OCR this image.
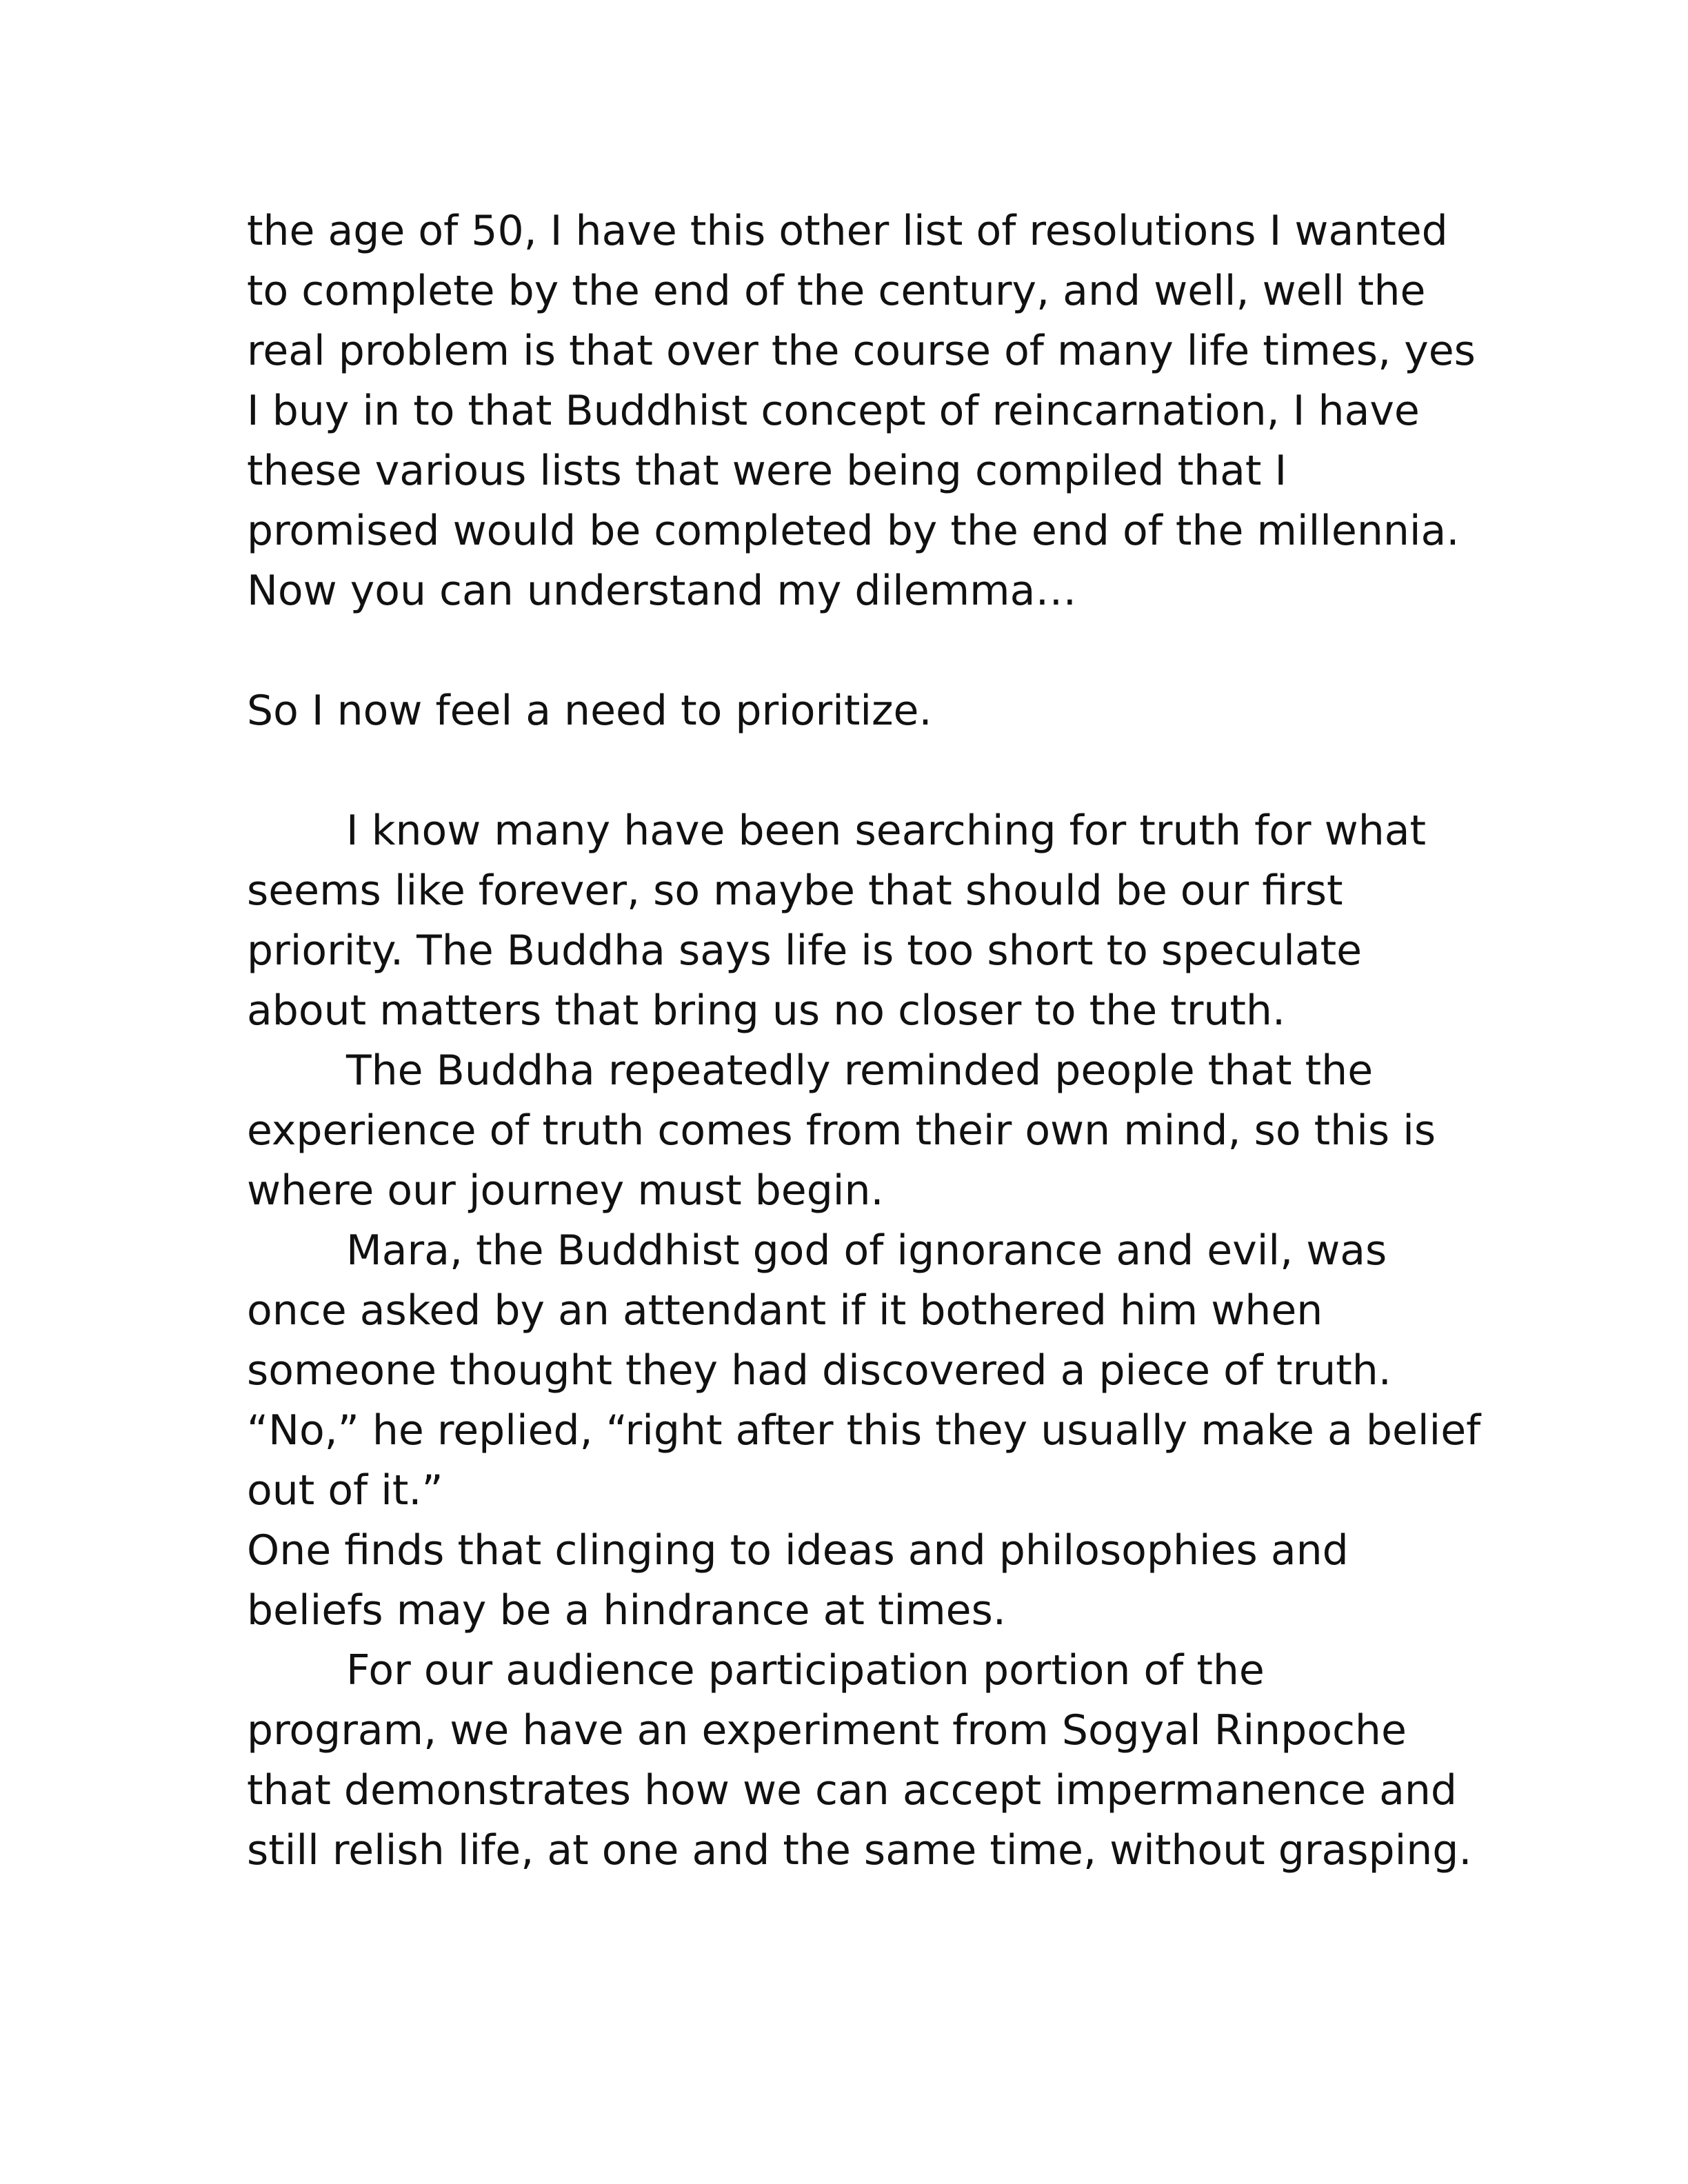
the age of 50, I have this other list of resolutions I wanted
to complete by the end of the century, and well, well the
real problem is that over the course of many life times, yes
I buy in to that Buddhist concept of reincarnation, I have
these various lists that were being compiled that I
promised would be completed by the end of the millennia.
Now you can understand my dilemma…
So I now feel a need to prioritize.
I know many have been searching for truth for what
seems like forever, so maybe that should be our first
priority. The Buddha says life is too short to speculate
about matters that bring us no closer to the truth.
The Buddha repeatedly reminded people that the
experience of truth comes from their own mind, so this is
where our journey must begin.
Mara, the Buddhist god of ignorance and evil, was
once asked by an attendant if it bothered him when
someone thought they had discovered a piece of truth.
“No,” he replied, “right after this they usually make a belief
out of it.”
One finds that clinging to ideas and philosophies and
beliefs may be a hindrance at times.
For our audience participation portion of the
program, we have an experiment from Sogyal Rinpoche
that demonstrates how we can accept impermanence and
still relish life, at one and the same time, without grasping.
